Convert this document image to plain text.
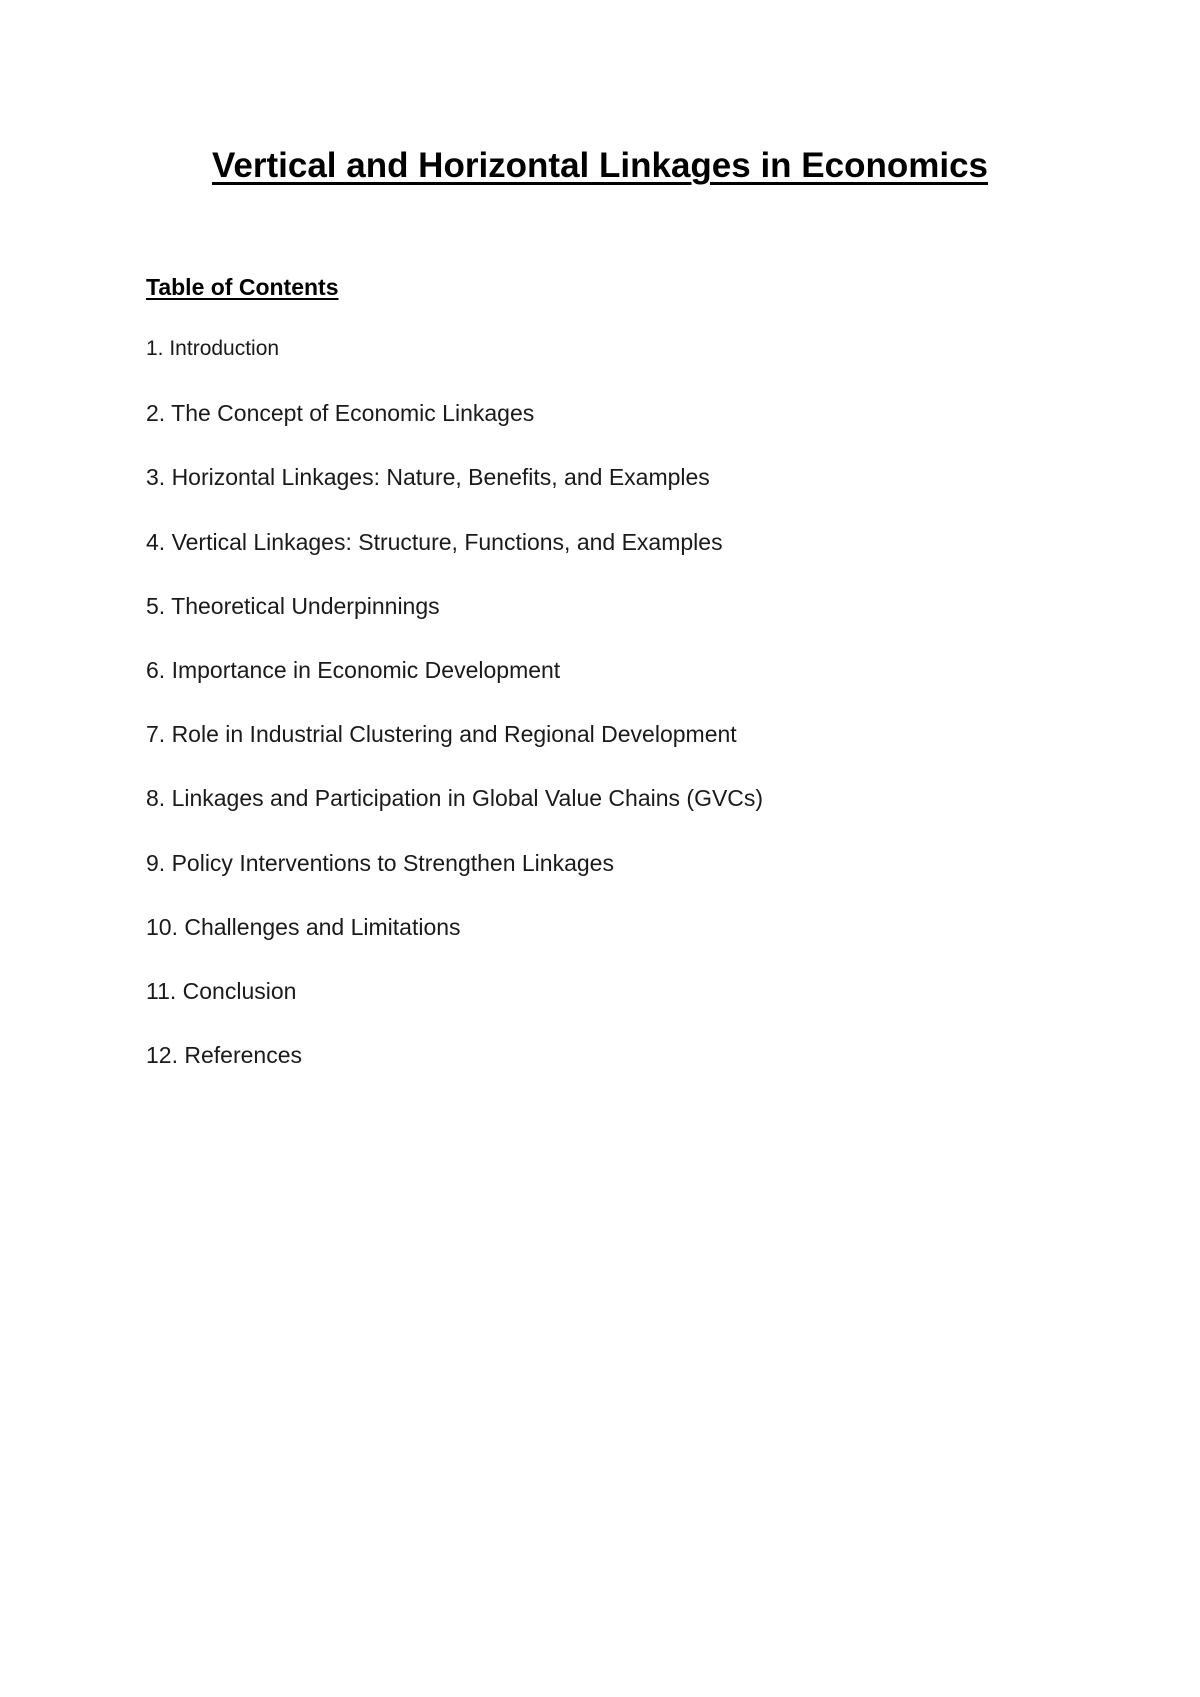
Vertical and Horizontal Linkages in Economics
Table of Contents
1. Introduction
2. The Concept of Economic Linkages
3. Horizontal Linkages: Nature, Benefits, and Examples
4. Vertical Linkages: Structure, Functions, and Examples
5. Theoretical Underpinnings
6. Importance in Economic Development
7. Role in Industrial Clustering and Regional Development
8. Linkages and Participation in Global Value Chains (GVCs)
9. Policy Interventions to Strengthen Linkages
10. Challenges and Limitations
11. Conclusion
12. References
